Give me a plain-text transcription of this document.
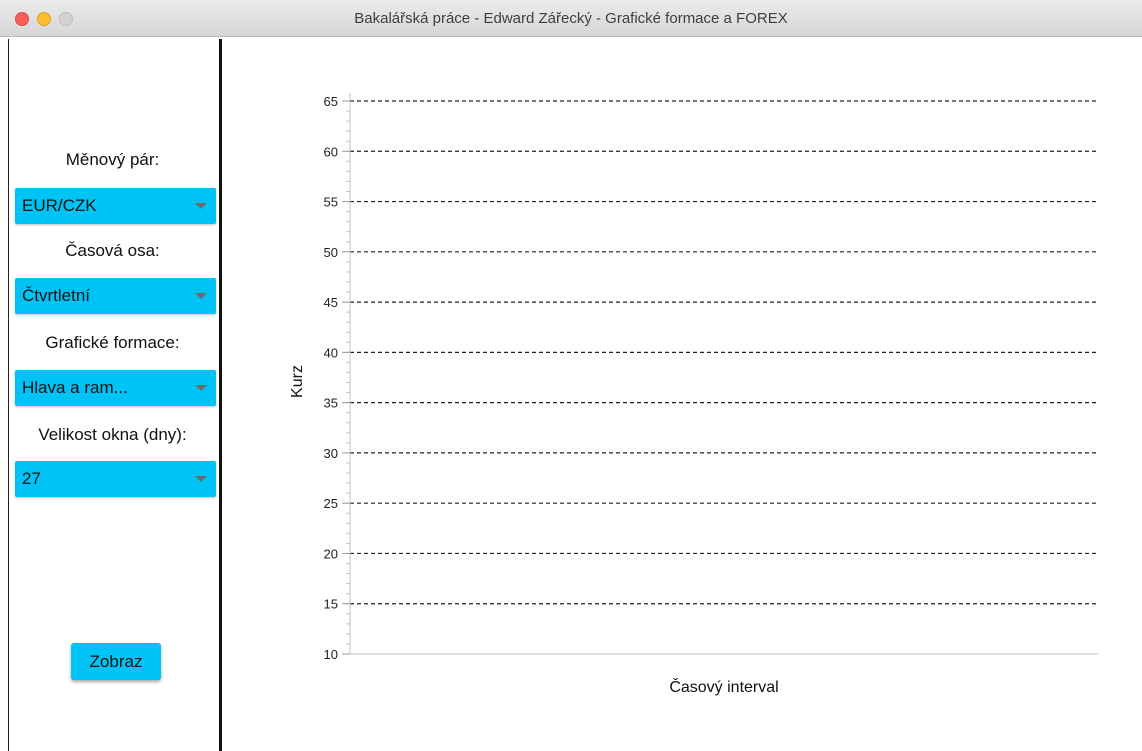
Bakalářská práce - Edward Zářecký - Grafické formace a FOREX
Měnový pár:
EUR/CZK
Časová osa:
Čtvrtletní
Grafické formace:
Hlava a ram...
Velikost okna (dny):
27
Zobraz
65
60
55
50
45
40
35
30
25
20
15
10
Časový interval
Kurz
